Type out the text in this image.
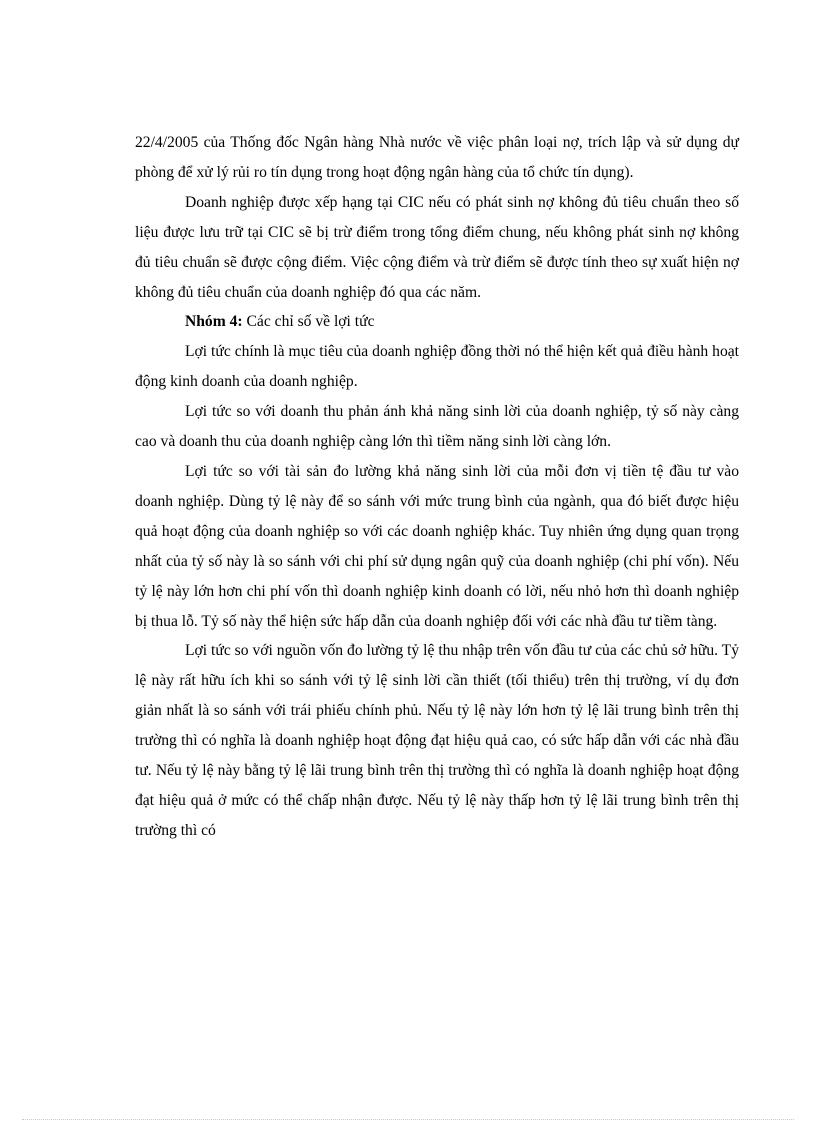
22/4/2005 của Thống đốc Ngân hàng Nhà nước về việc phân loại nợ, trích lập và sử dụng dự phòng để xử lý rủi ro tín dụng trong hoạt động ngân hàng của tổ chức tín dụng).

Doanh nghiệp được xếp hạng tại CIC nếu có phát sinh nợ không đủ tiêu chuẩn theo số liệu được lưu trữ tại CIC sẽ bị trừ điểm trong tổng điểm chung, nếu không phát sinh nợ không đủ tiêu chuẩn sẽ được cộng điểm. Việc cộng điểm và trừ điểm sẽ được tính theo sự xuất hiện nợ không đủ tiêu chuẩn của doanh nghiệp đó qua các năm.

Nhóm 4: Các chỉ số về lợi tức

Lợi tức chính là mục tiêu của doanh nghiệp đồng thời nó thể hiện kết quả điều hành hoạt động kinh doanh của doanh nghiệp.

Lợi tức so với doanh thu phản ánh khả năng sinh lời của doanh nghiệp, tỷ số này càng cao và doanh thu của doanh nghiệp càng lớn thì tiềm năng sinh lời càng lớn.

Lợi tức so với tài sản đo lường khả năng sinh lời của mỗi đơn vị tiền tệ đầu tư vào doanh nghiệp. Dùng tỷ lệ này để so sánh với mức trung bình của ngành, qua đó biết được hiệu quả hoạt động của doanh nghiệp so với các doanh nghiệp khác. Tuy nhiên ứng dụng quan trọng nhất của tỷ số này là so sánh với chi phí sử dụng ngân quỹ của doanh nghiệp (chi phí vốn). Nếu tỷ lệ này lớn hơn chi phí vốn thì doanh nghiệp kinh doanh có lời, nếu nhỏ hơn thì doanh nghiệp bị thua lỗ. Tỷ số này thể hiện sức hấp dẫn của doanh nghiệp đối với các nhà đầu tư tiềm tàng.

Lợi tức so với nguồn vốn đo lường tỷ lệ thu nhập trên vốn đầu tư của các chủ sở hữu. Tỷ lệ này rất hữu ích khi so sánh với tỷ lệ sinh lời cần thiết (tối thiểu) trên thị trường, ví dụ đơn giản nhất là so sánh với trái phiếu chính phủ. Nếu tỷ lệ này lớn hơn tỷ lệ lãi trung bình trên thị trường thì có nghĩa là doanh nghiệp hoạt động đạt hiệu quả cao, có sức hấp dẫn với các nhà đầu tư. Nếu tỷ lệ này bằng tỷ lệ lãi trung bình trên thị trường thì có nghĩa là doanh nghiệp hoạt động đạt hiệu quả ở mức có thể chấp nhận được. Nếu tỷ lệ này thấp hơn tỷ lệ lãi trung bình trên thị trường thì có
